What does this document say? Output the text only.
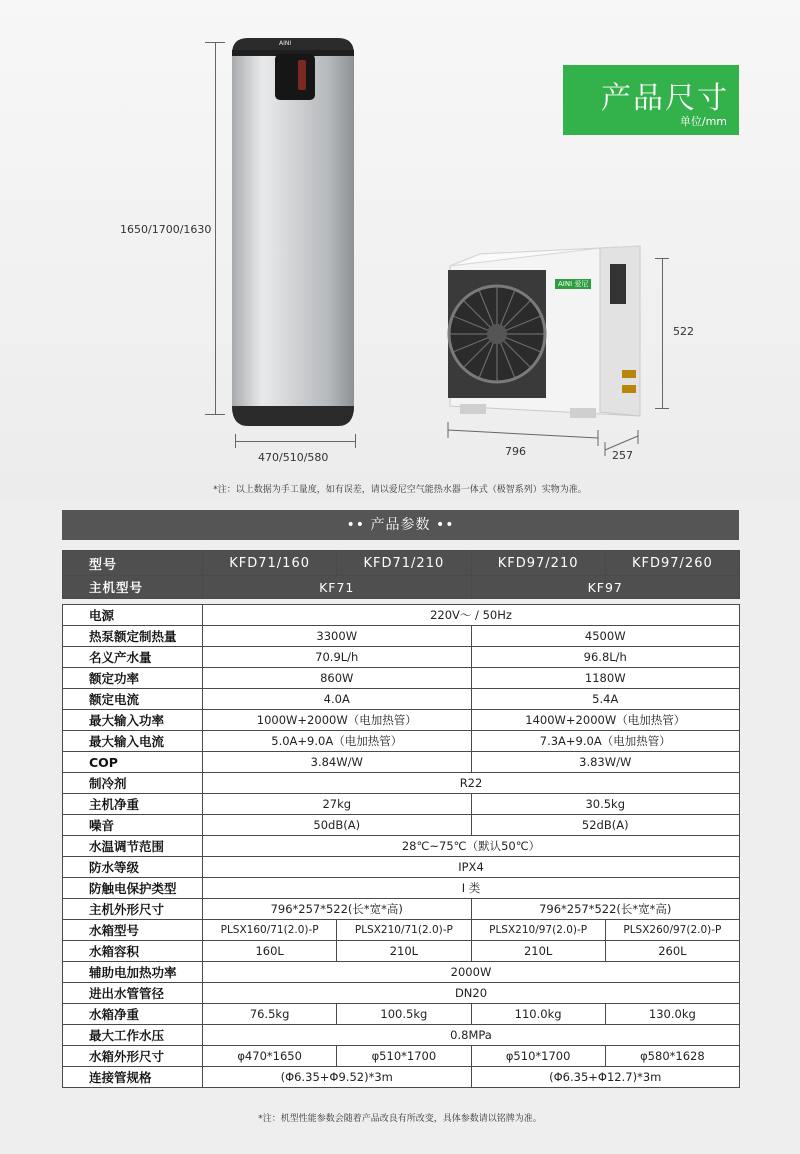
1650/1700/1630
AINI
470/510/580
AINI 爱尼
522
796	257
产品尺寸
单位/mm
*注：以上数据为手工量度，如有误差，请以爱尼空气能热水器一体式（极智系列）实物为准。
•• 产品参数 ••
型号	KFD71/160	KFD71/210	KFD97/210	KFD97/260
主机型号	KF71		KF97	

电源	220V～ / 50Hz			
热泵额定制热量	3300W		4500W	
名义产水量	70.9L/h		96.8L/h	
额定功率	860W		1180W	
额定电流	4.0A		5.4A	
最大输入功率	1000W+2000W（电加热管）		1400W+2000W（电加热管）	
最大输入电流	5.0A+9.0A（电加热管）		7.3A+9.0A（电加热管）	
COP	3.84W/W		3.83W/W	
制冷剂	R22			
主机净重	27kg		30.5kg	
噪音	50dB(A)		52dB(A)	
水温调节范围	28℃~75℃（默认50℃）			
防水等级	IPX4			
防触电保护类型	I 类			
主机外形尺寸	796*257*522(长*宽*高)		796*257*522(长*宽*高)	
水箱型号	PLSX160/71(2.0)-P	PLSX210/71(2.0)-P	PLSX210/97(2.0)-P	PLSX260/97(2.0)-P
水箱容积	160L	210L	210L	260L
辅助电加热功率	2000W			
进出水管管径	DN20			
水箱净重	76.5kg	100.5kg	110.0kg	130.0kg
最大工作水压	0.8MPa			
水箱外形尺寸	φ470*1650	φ510*1700	φ510*1700	φ580*1628
连接管规格	(Φ6.35+Φ9.52)*3m		(Φ6.35+Φ12.7)*3m	
*注：机型性能参数会随着产品改良有所改变，具体参数请以铭牌为准。
